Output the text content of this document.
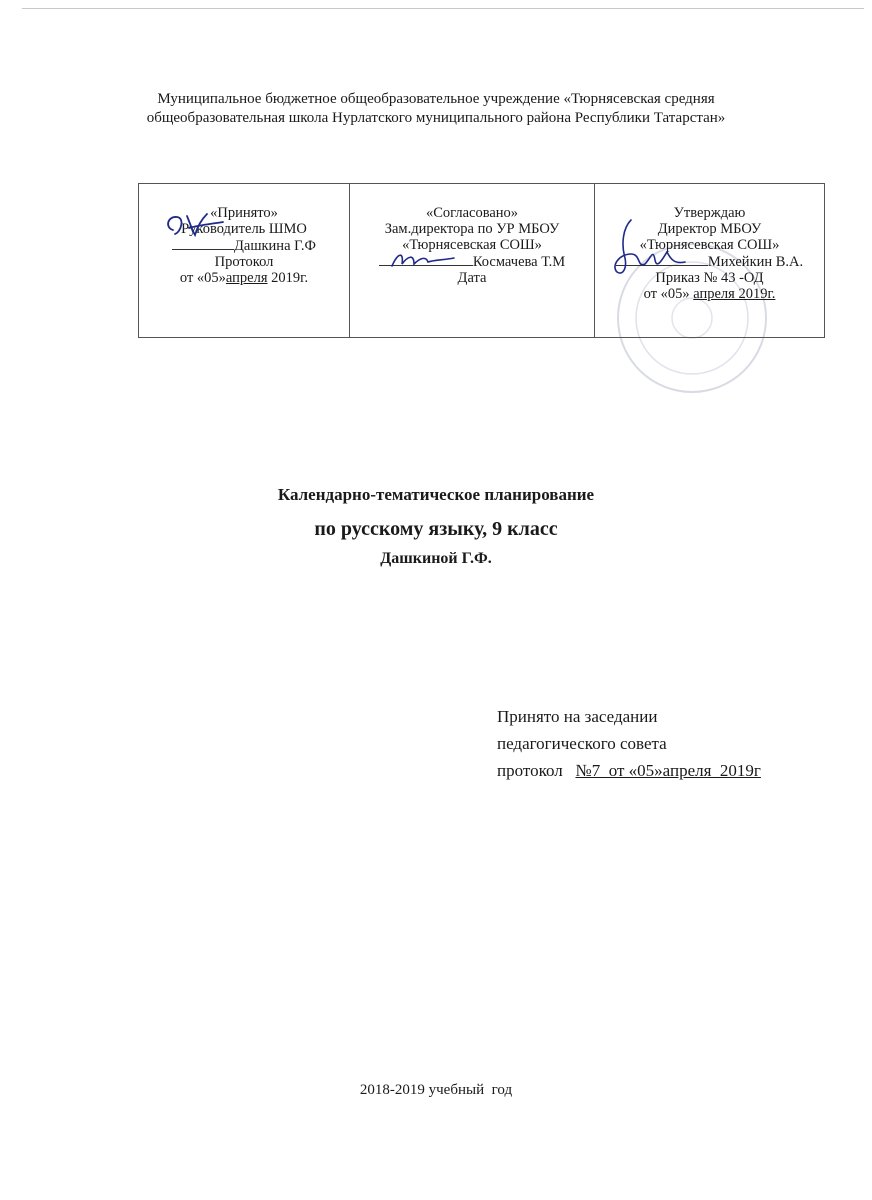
Муниципальное бюджетное общеобразовательное учреждение «Тюрнясевская средняя
общеобразовательная школа Нурлатского муниципального района Республики Татарстан»
«Принято»
Руководитель ШМО
Дашкина Г.Ф
Протокол
от «05»апреля 2019г.

«Согласовано»
Зам.директора по УР МБОУ
«Тюрнясевская СОШ»
Космачева Т.М
Дата

Утверждаю
Директор МБОУ
«Тюрнясевская СОШ»
Михейкин В.А.
Приказ № 43 -ОД
от «05» апреля 2019г.
Календарно-тематическое планирование
по русскому языку, 9 класс
Дашкиной Г.Ф.
Принято на заседании
педагогического совета
протокол   №7  от «05»апреля  2019г
2018-2019 учебный  год
